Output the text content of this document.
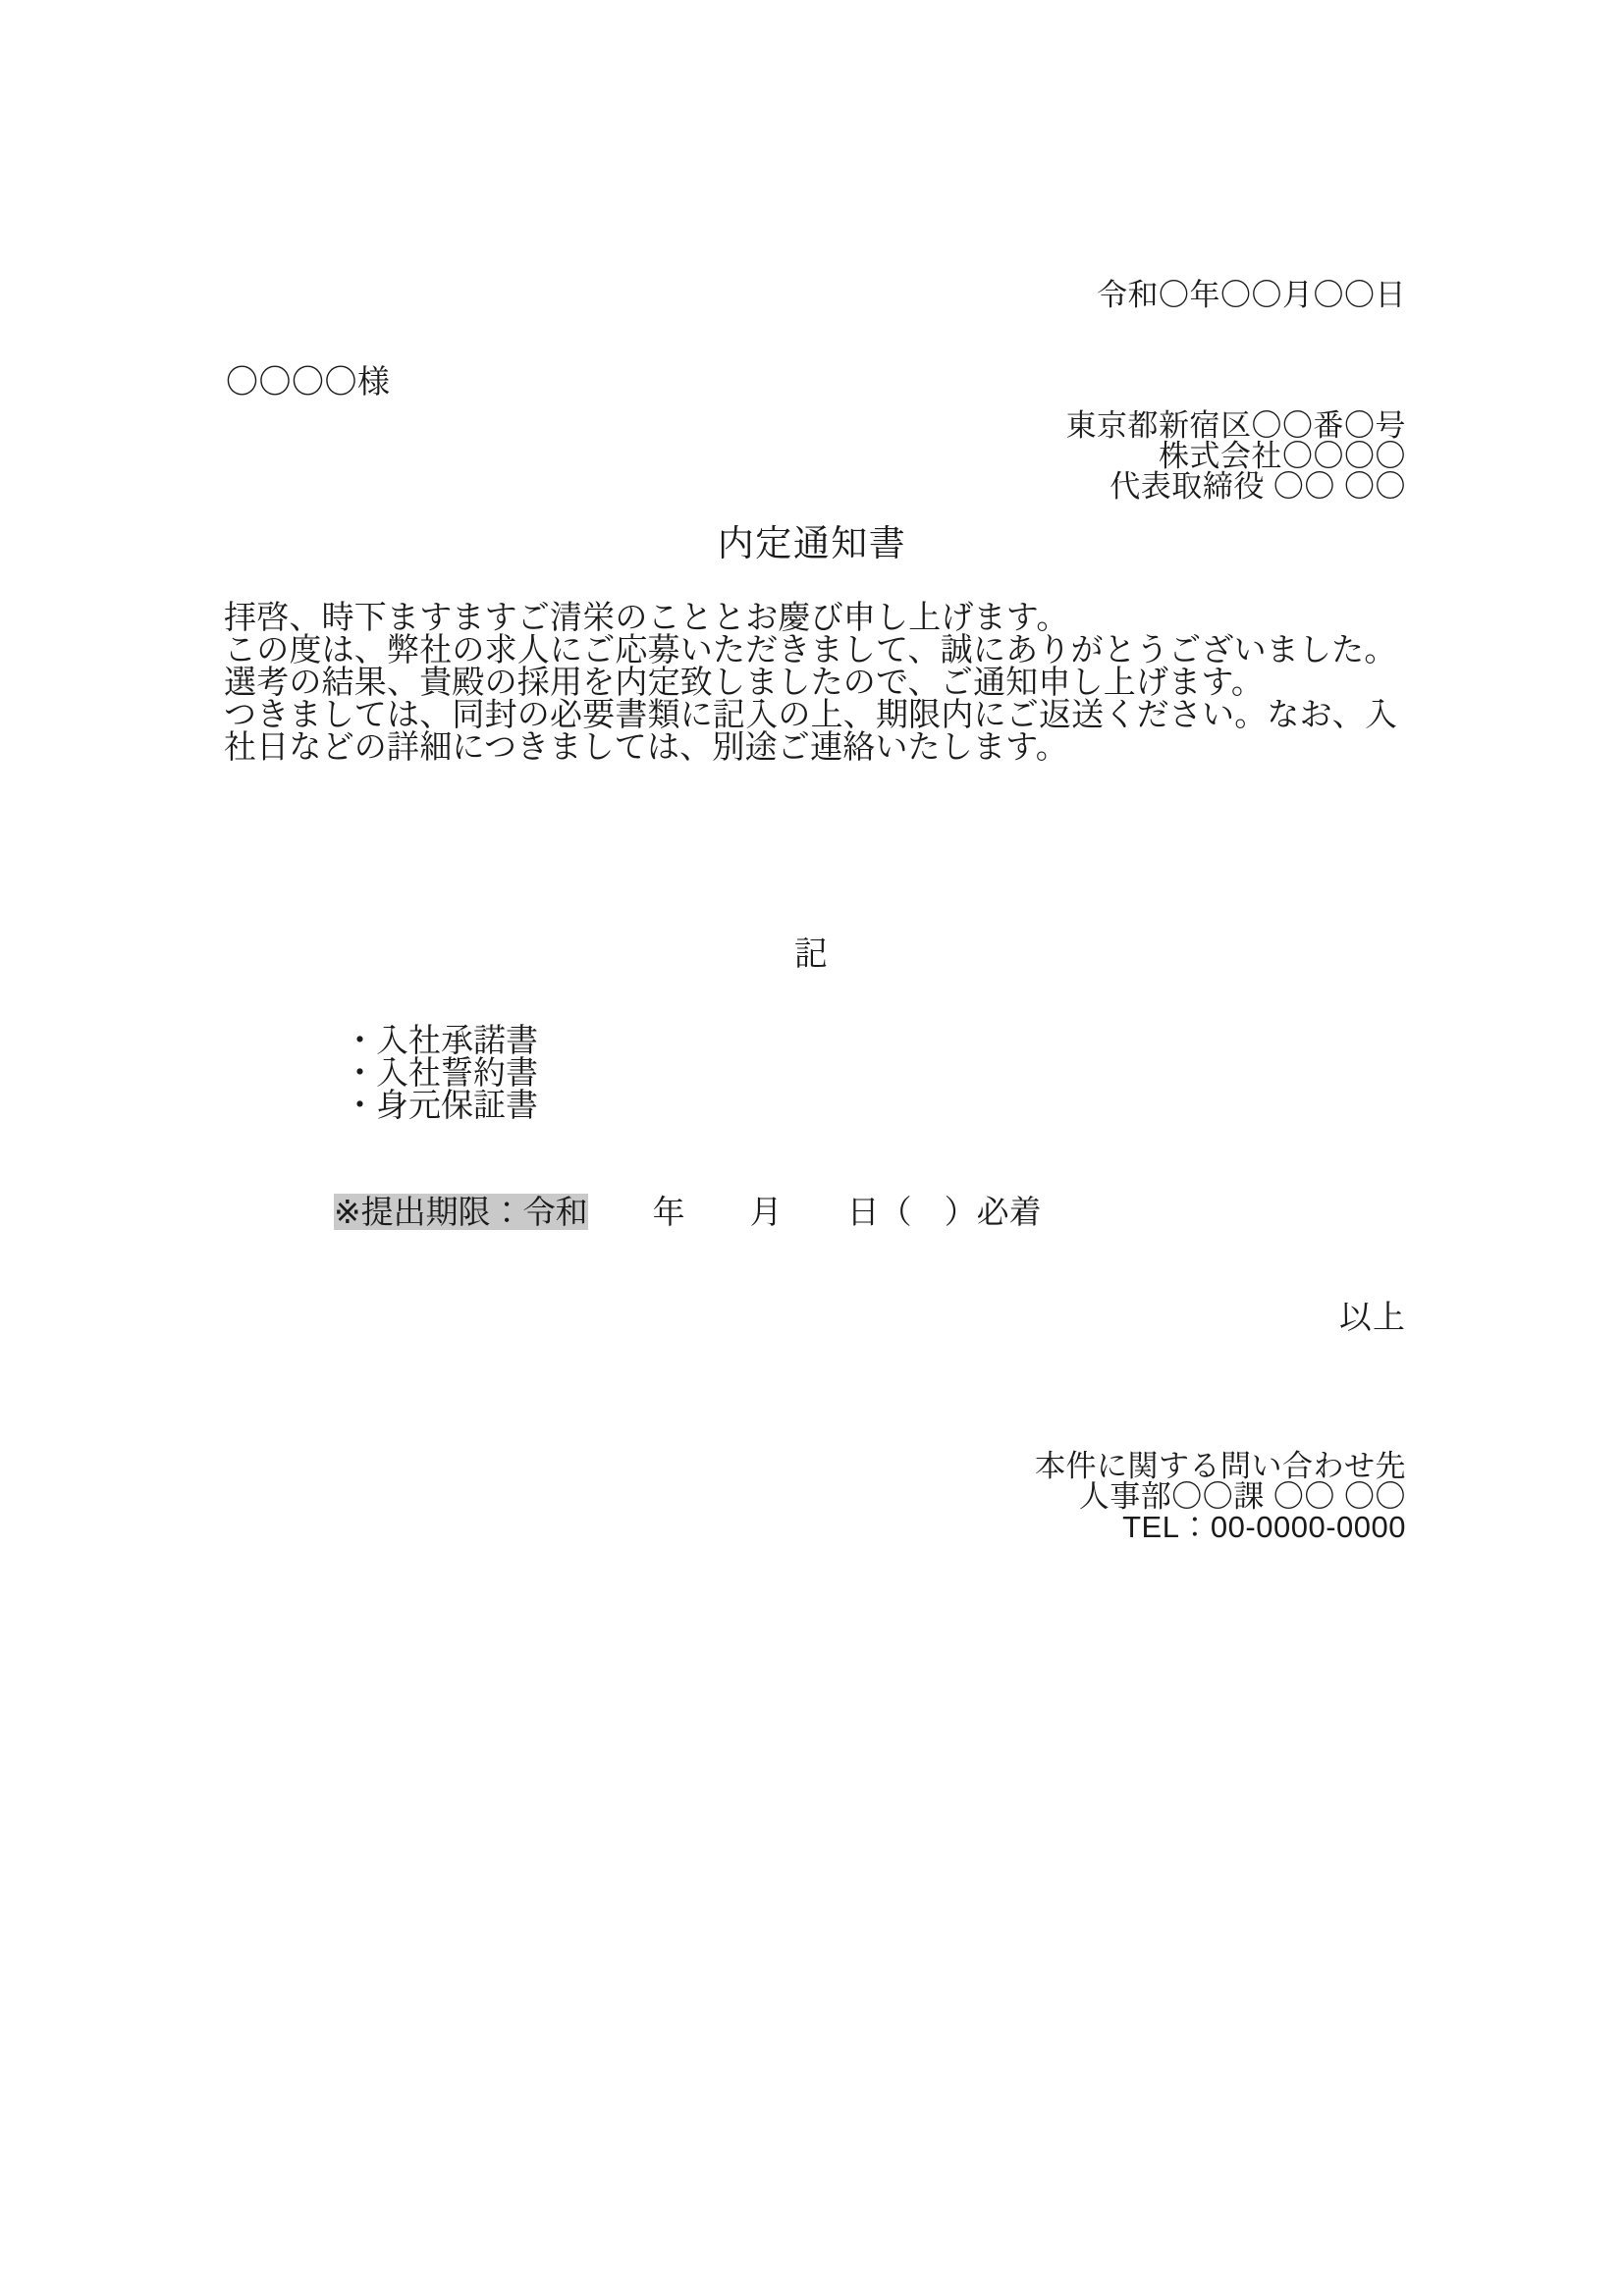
令和〇年〇〇月〇〇日
〇〇〇〇様
東京都新宿区〇〇番〇号
株式会社〇〇〇〇
代表取締役 〇〇 〇〇
内定通知書

拝啓、時下ますますご清栄のこととお慶び申し上げます。

この度は、弊社の求人にご応募いただきまして、誠にありがとうございました。

選考の結果、貴殿の採用を内定致しましたので、ご通知申し上げます。

つきましては、同封の必要書類に記入の上、期限内にご返送ください。なお、入社日などの詳細につきましては、別途ご連絡いたします。

記
・入社承諾書
・入社誓約書
・身元保証書
※提出期限：令和　　年　　月　　日（　）必着
以上
本件に関する問い合わせ先
人事部〇〇課 〇〇 〇〇
TEL：00-0000-0000
